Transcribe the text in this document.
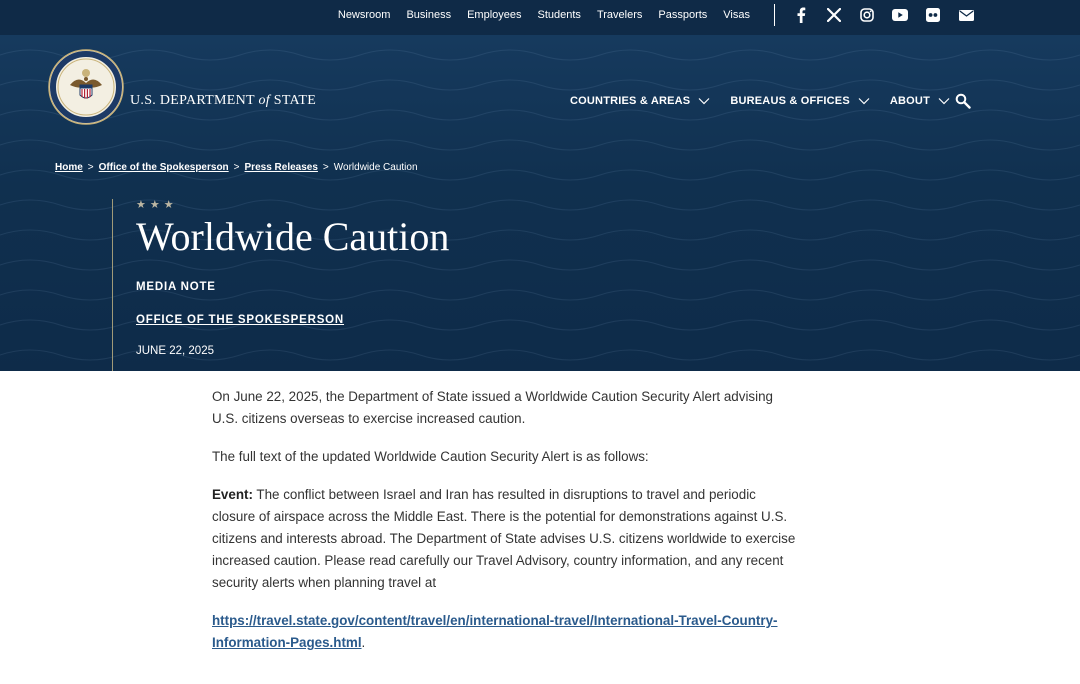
Newsroom Business Employees Students Travelers Passports Visas
U.S. DEPARTMENT of STATE	COUNTRIES & AREAS	BUREAUS & OFFICES	ABOUT
Home > Office of the Spokesperson > Press Releases > Worldwide Caution
★★★
Worldwide Caution
MEDIA NOTE
OFFICE OF THE SPOKESPERSON
JUNE 22, 2025

On June 22, 2025, the Department of State issued a Worldwide Caution Security Alert advising U.S. citizens overseas to exercise increased caution.

The full text of the updated Worldwide Caution Security Alert is as follows:

Event: The conflict between Israel and Iran has resulted in disruptions to travel and periodic closure of airspace across the Middle East. There is the potential for demonstrations against U.S. citizens and interests abroad. The Department of State advises U.S. citizens worldwide to exercise increased caution. Please read carefully our Travel Advisory, country information, and any recent security alerts when planning travel at

https://travel.state.gov/content/travel/en/international-travel/International-Travel-Country-Information-Pages.html.
